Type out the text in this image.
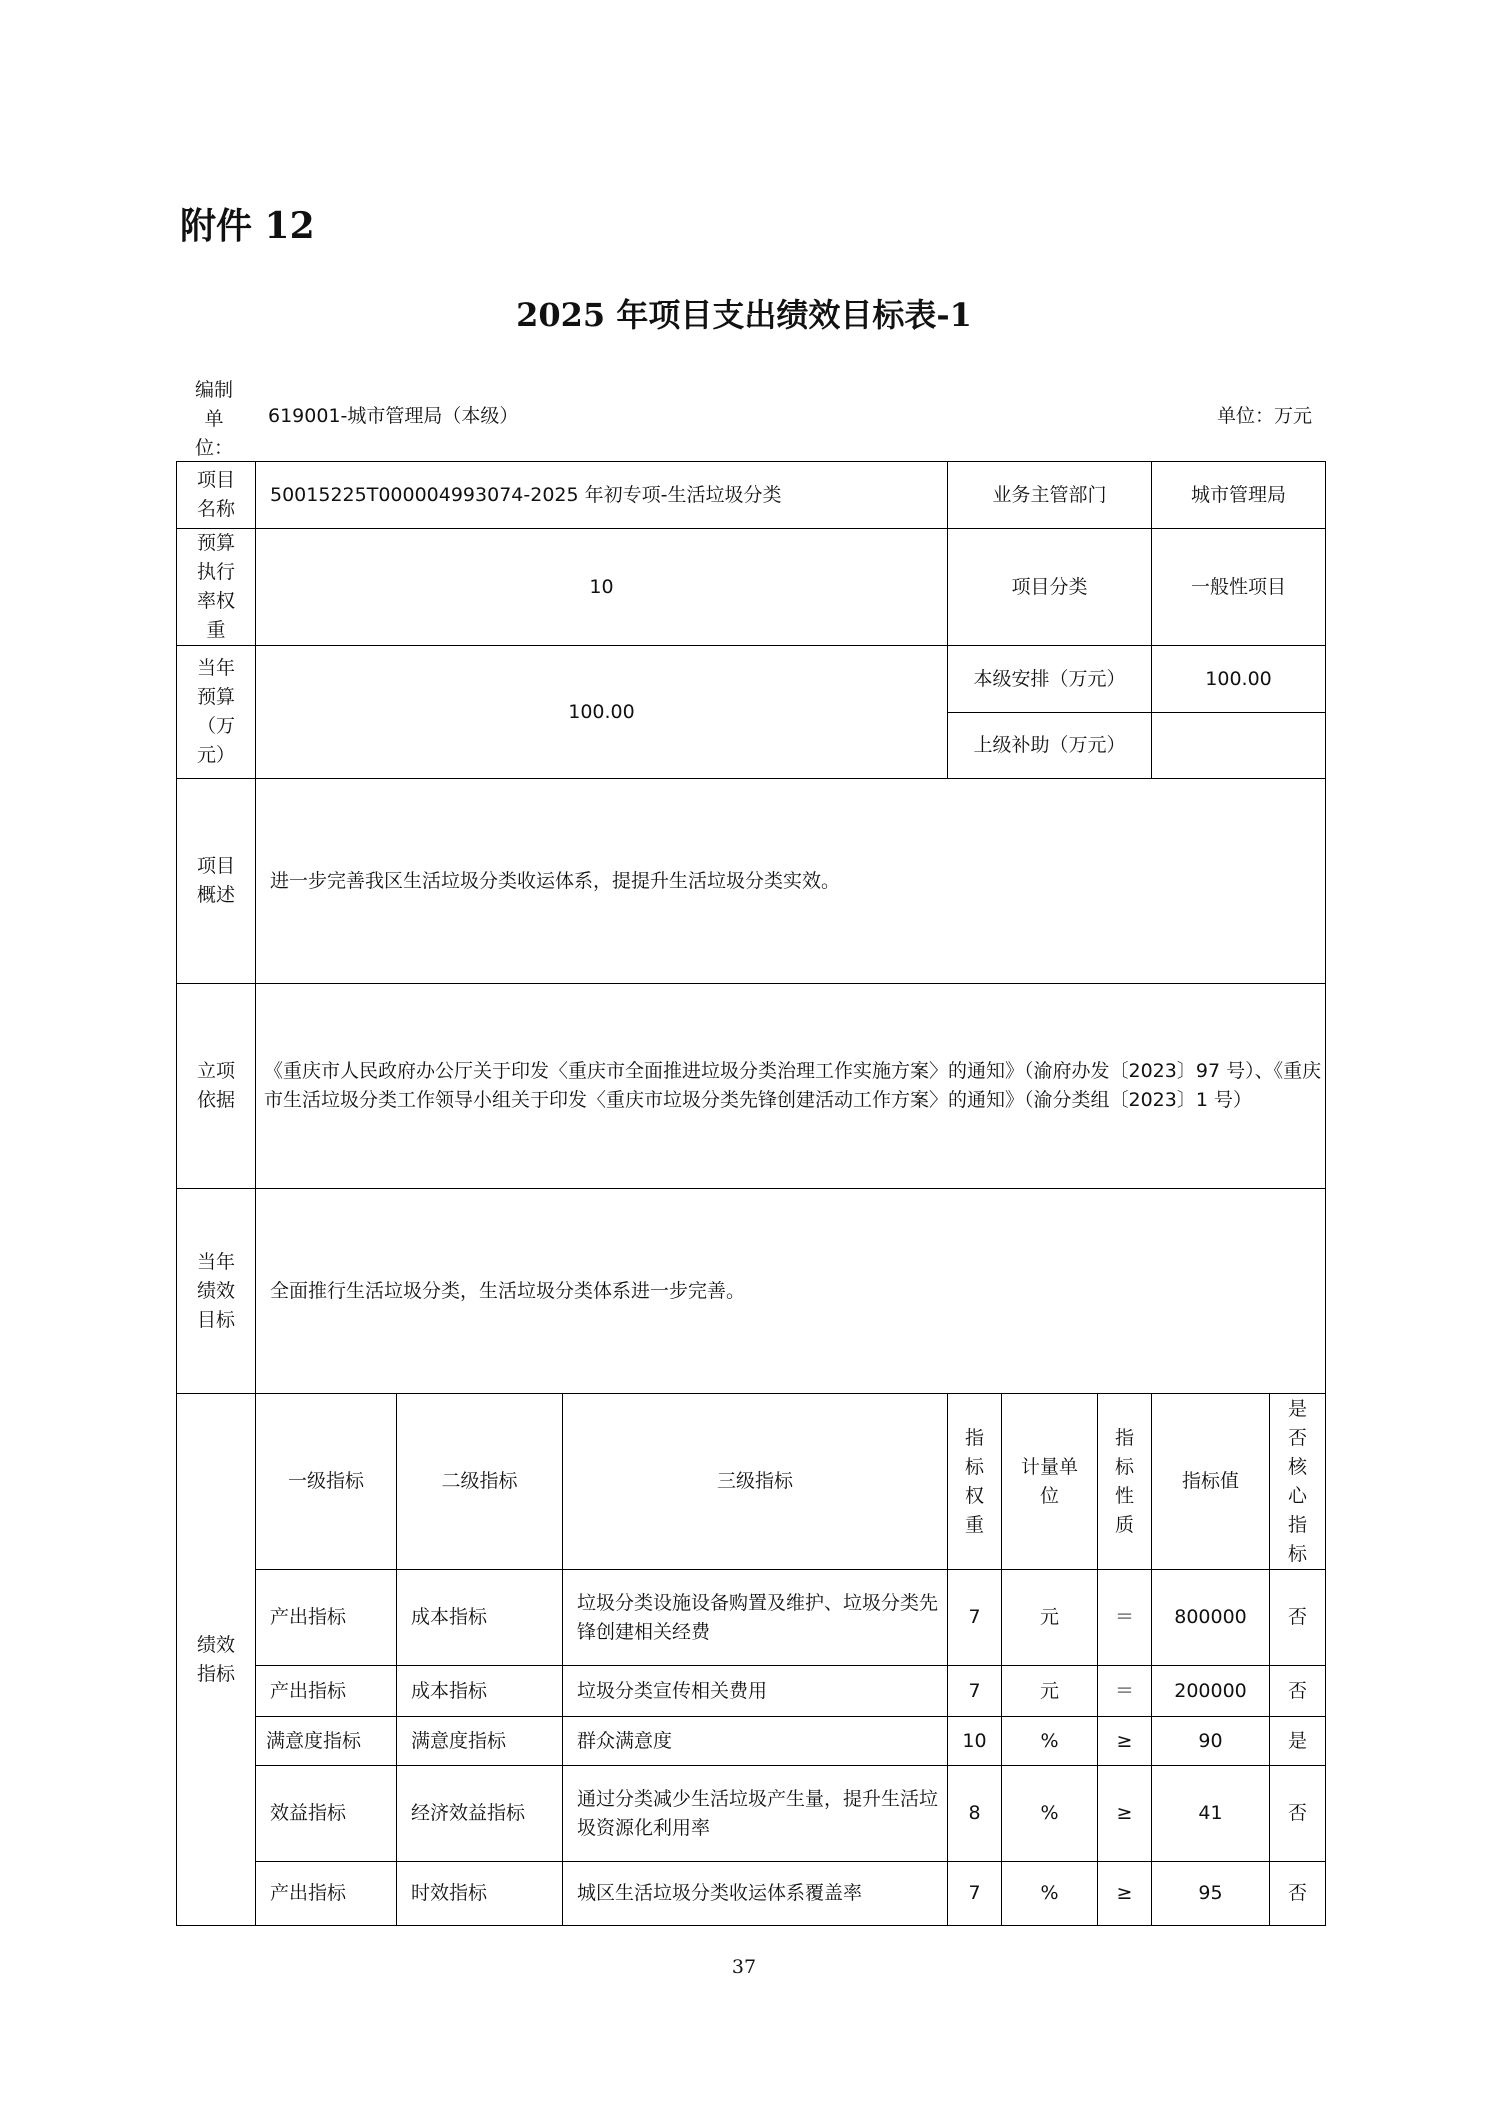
附件 12
2025 年项目支出绩效目标表-1
编制单位：
619001-城市管理局（本级）	单位：万元
项目名称	50015225T000004993074-2025 年初专项-生活垃圾分类			业务主管部门			城市管理局	
预算执行率权重	10			项目分类			一般性项目	
当年预算（万元）	100.00			本级安排（万元）			100.00	
				上级补助（万元）				
项目概述	进一步完善我区生活垃圾分类收运体系，提提升生活垃圾分类实效。							
立项依据	《重庆市人民政府办公厅关于印发〈重庆市全面推进垃圾分类治理工作实施方案〉的通知》（渝府办发〔2023〕97 号）、《重庆市生活垃圾分类工作领导小组关于印发〈重庆市垃圾分类先锋创建活动工作方案〉的通知》（渝分类组〔2023〕1 号）							
当年绩效目标	全面推行生活垃圾分类，生活垃圾分类体系进一步完善。							
绩效指标	一级指标	二级指标	三级指标	指标权重	计量单位	指标性质	指标值	是否核心指标
	产出指标	成本指标	垃圾分类设施设备购置及维护、垃圾分类先锋创建相关经费	7	元	＝	800000	否
	产出指标	成本指标	垃圾分类宣传相关费用	7	元	＝	200000	否
	满意度指标	满意度指标	群众满意度	10	%	≥	90	是
	效益指标	经济效益指标	通过分类减少生活垃圾产生量，提升生活垃圾资源化利用率	8	%	≥	41	否
	产出指标	时效指标	城区生活垃圾分类收运体系覆盖率	7	%	≥	95	否
37
